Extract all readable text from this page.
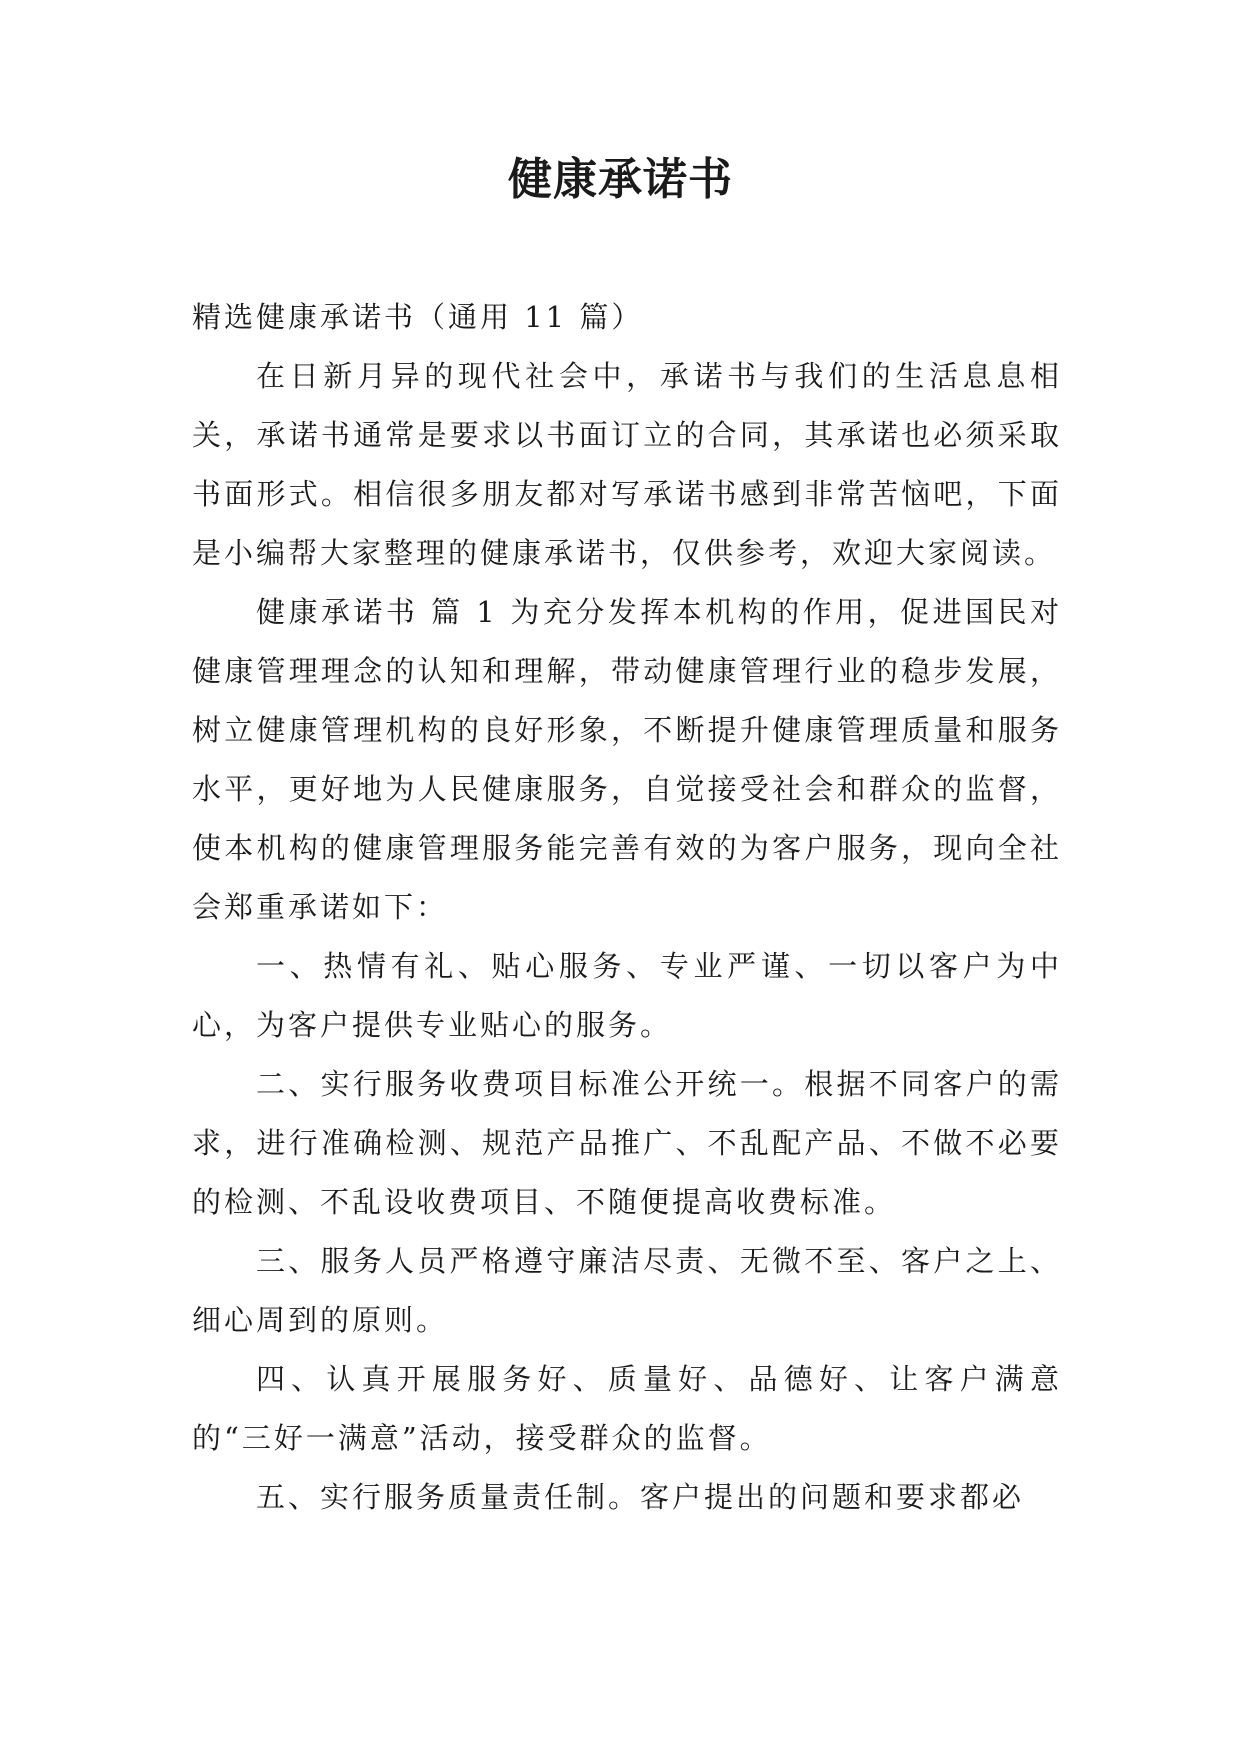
健康承诺书

精选健康承诺书（通用 11 篇）

在日新月异的现代社会中，承诺书与我们的生活息息相关，承诺书通常是要求以书面订立的合同，其承诺也必须采取书面形式。相信很多朋友都对写承诺书感到非常苦恼吧，下面是小编帮大家整理的健康承诺书，仅供参考，欢迎大家阅读。

健康承诺书 篇 1 为充分发挥本机构的作用，促进国民对健康管理理念的认知和理解，带动健康管理行业的稳步发展，树立健康管理机构的良好形象，不断提升健康管理质量和服务水平，更好地为人民健康服务，自觉接受社会和群众的监督，使本机构的健康管理服务能完善有效的为客户服务，现向全社会郑重承诺如下：

一、热情有礼、贴心服务、专业严谨、一切以客户为中心，为客户提供专业贴心的服务。

二、实行服务收费项目标准公开统一。根据不同客户的需求，进行准确检测、规范产品推广、不乱配产品、不做不必要的检测、不乱设收费项目、不随便提高收费标准。

三、服务人员严格遵守廉洁尽责、无微不至、客户之上、细心周到的原则。

四、认真开展服务好、质量好、品德好、让客户满意的“三好一满意”活动，接受群众的监督。

五、实行服务质量责任制。客户提出的问题和要求都必
